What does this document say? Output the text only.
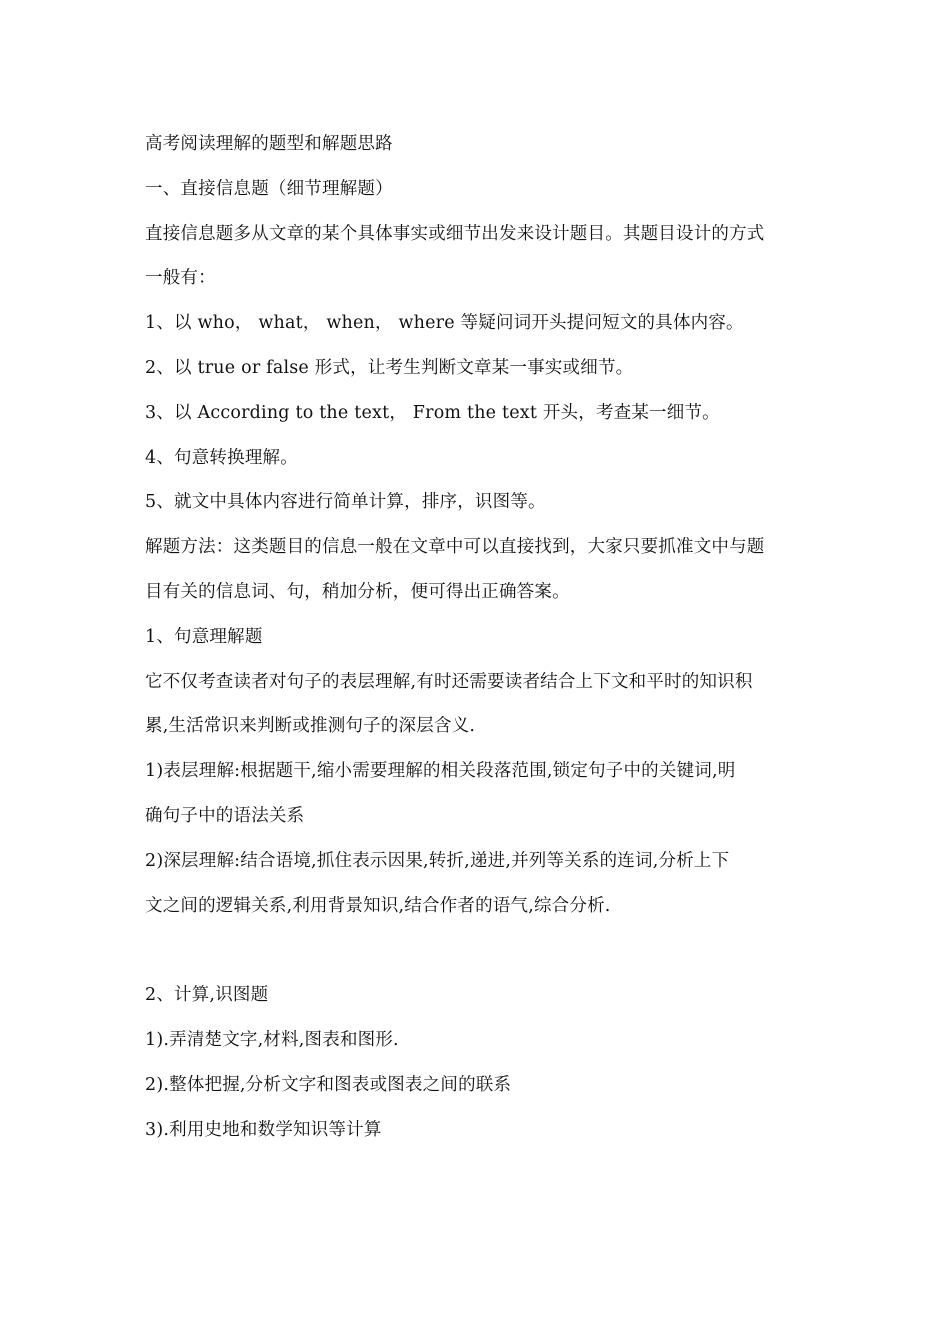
高考阅读理解的题型和解题思路
一、直接信息题（细节理解题）
直接信息题多从文章的某个具体事实或细节出发来设计题目。其题目设计的方式
一般有：
1、以 who， what， when， where 等疑问词开头提问短文的具体内容。
2、以 true or false 形式，让考生判断文章某一事实或细节。
3、以 According to the text， From the text 开头，考查某一细节。
4、句意转换理解。
5、就文中具体内容进行简单计算，排序，识图等。
解题方法：这类题目的信息一般在文章中可以直接找到，大家只要抓准文中与题
目有关的信息词、句，稍加分析，便可得出正确答案。
1、句意理解题
它不仅考查读者对句子的表层理解,有时还需要读者结合上下文和平时的知识积
累,生活常识来判断或推测句子的深层含义.
1)表层理解:根据题干,缩小需要理解的相关段落范围,锁定句子中的关键词,明
确句子中的语法关系
2)深层理解:结合语境,抓住表示因果,转折,递进,并列等关系的连词,分析上下
文之间的逻辑关系,利用背景知识,结合作者的语气,综合分析.
2、计算,识图题
1).弄清楚文字,材料,图表和图形.
2).整体把握,分析文字和图表或图表之间的联系
3).利用史地和数学知识等计算
